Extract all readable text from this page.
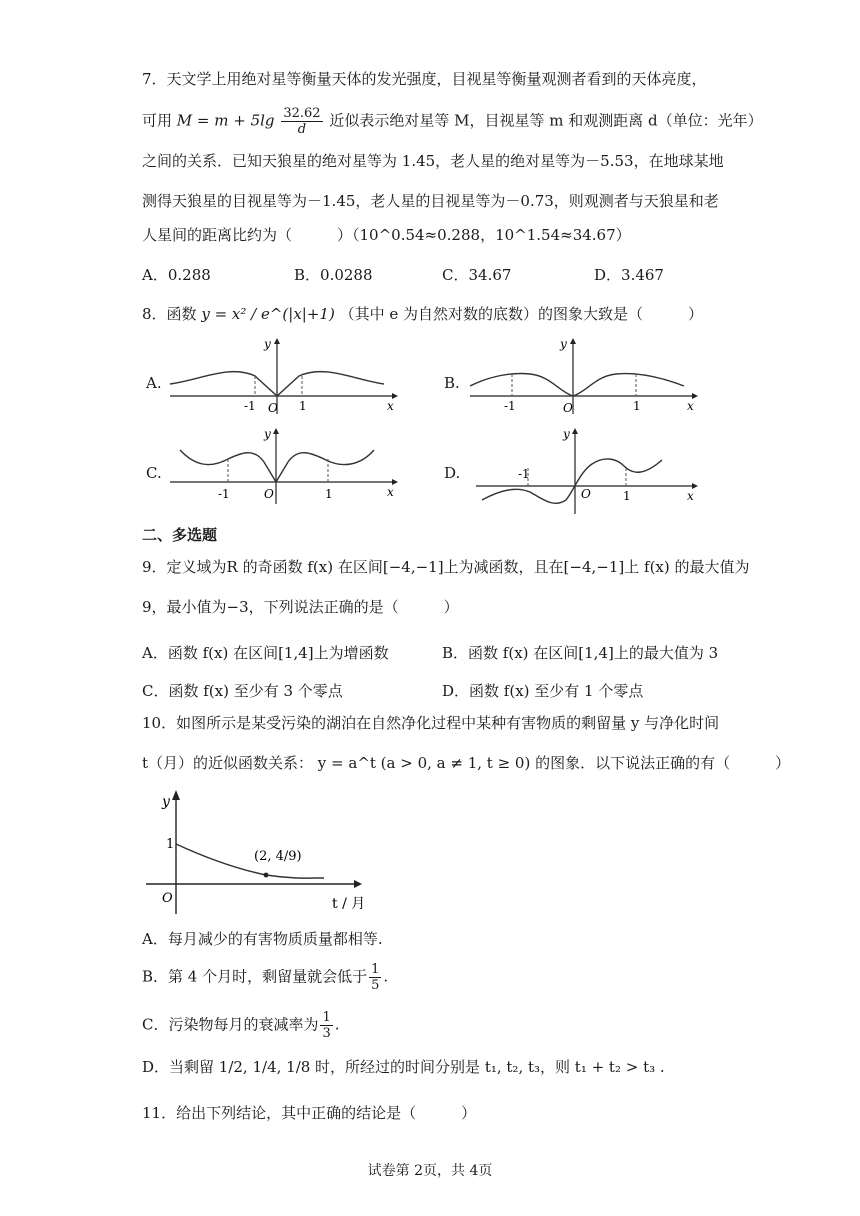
7．天文学上用绝对星等衡量天体的发光强度，目视星等衡量观测者看到的天体亮度，
可用 $M = m + 5\lg \frac{32.62}{d}$ 近似表示绝对星等 M，目视星等 m 和观测距离 d（单位：光年）
之间的关系．已知天狼星的绝对星等为 1.45，老人星的绝对星等为－5.53，在地球某地
测得天狼星的目视星等为－1.45，老人星的目视星等为－0.73，则观测者与天狼星和老
人星间的距离比约为（　　　）（10^0.54≈0.288，10^1.54≈34.67）
A．0.288	B．0.0288	C．34.67	D．3.467
8．函数 y = x² / e^(|x|+1) （其中 e 为自然对数的底数）的图象大致是（　　　）
A.
y
x
O
-1	1
B.
y
x
O
-1	1
C.
y
x
O
-1	1
D.
y
x
O
-1
1
二、多选题
9．定义域为R 的奇函数 f(x) 在区间[−4,−1]上为减函数，且在[−4,−1]上 f(x) 的最大值为
9，最小值为−3，下列说法正确的是（　　　）
A．函数 f(x) 在区间[1,4]上为增函数	B．函数 f(x) 在区间[1,4]上的最大值为 3
C．函数 f(x) 至少有 3 个零点	D．函数 f(x) 至少有 1 个零点
10．如图所示是某受污染的湖泊在自然净化过程中某种有害物质的剩留量 y 与净化时间
t（月）的近似函数关系： y = a^t (a > 0, a ≠ 1, t ≥ 0) 的图象．以下说法正确的有（　　　）
y
O
1
(2, 4/9)
t / 月
A．每月减少的有害物质质量都相等.
B．第 4 个月时，剩留量就会低于 $\frac{1}{5}$ .
C．污染物每月的衰减率为 $\frac{1}{3}$ .
D．当剩留 1/2, 1/4, 1/8 时，所经过的时间分别是 t₁, t₂, t₃，则 t₁ + t₂ > t₃ .
11．给出下列结论，其中正确的结论是（　　　）
试卷第 2页，共 4页
